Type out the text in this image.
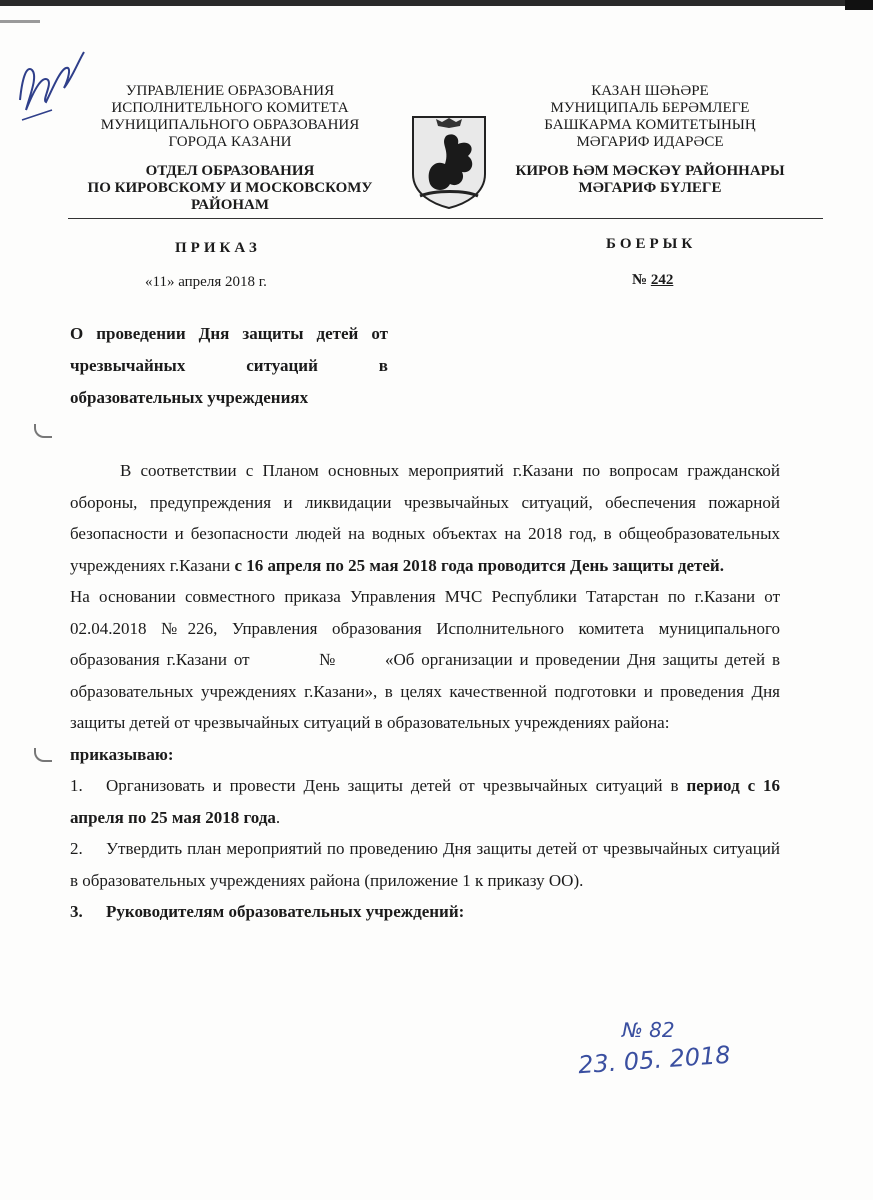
УПРАВЛЕНИЕ ОБРАЗОВАНИЯ
ИСПОЛНИТЕЛЬНОГО КОМИТЕТА
МУНИЦИПАЛЬНОГО ОБРАЗОВАНИЯ
ГОРОДА КАЗАНИ
ОТДЕЛ ОБРАЗОВАНИЯ
ПО КИРОВСКОМУ И МОСКОВСКОМУ
РАЙОНАМ
КАЗАН ШӘҺӘРЕ
МУНИЦИПАЛЬ БЕРӘМЛЕГЕ
БАШКАРМА КОМИТЕТЫНЫҢ
МӘГАРИФ ИДАРӘСЕ
КИРОВ ҺӘМ МӘСКӘҮ РАЙОННАРЫ
МӘГАРИФ БҮЛЕГЕ
ПРИКАЗ	БОЕРЫК
«11» апреля 2018 г.	№ 242
О проведении Дня защиты детей от чрезвычайных ситуаций в образовательных учреждениях

В соответствии с Планом основных мероприятий г.Казани по вопросам гражданской обороны, предупреждения и ликвидации чрезвычайных ситуаций, обеспечения пожарной безопасности и безопасности людей на водных объектах на 2018 год, в общеобразовательных учреждениях г.Казани с 16 апреля по 25 мая 2018 года проводится День защиты детей.

На основании совместного приказа Управления МЧС Республики Татарстан по г.Казани от 02.04.2018 №226, Управления образования Исполнительного комитета муниципального образования г.Казани от	№	«Об организации и проведении Дня защиты детей в образовательных учреждениях г.Казани», в целях качественной подготовки и проведения Дня защиты детей от чрезвычайных ситуаций в образовательных учреждениях района:

приказываю:

1. Организовать и провести День защиты детей от чрезвычайных ситуаций в период с 16 апреля по 25 мая 2018 года.

2. Утвердить план мероприятий по проведению Дня защиты детей от чрезвычайных ситуаций в образовательных учреждениях района (приложение 1 к приказу ОО).

3. Руководителям образовательных учреждений:

№ 82
23. 05. 2018
